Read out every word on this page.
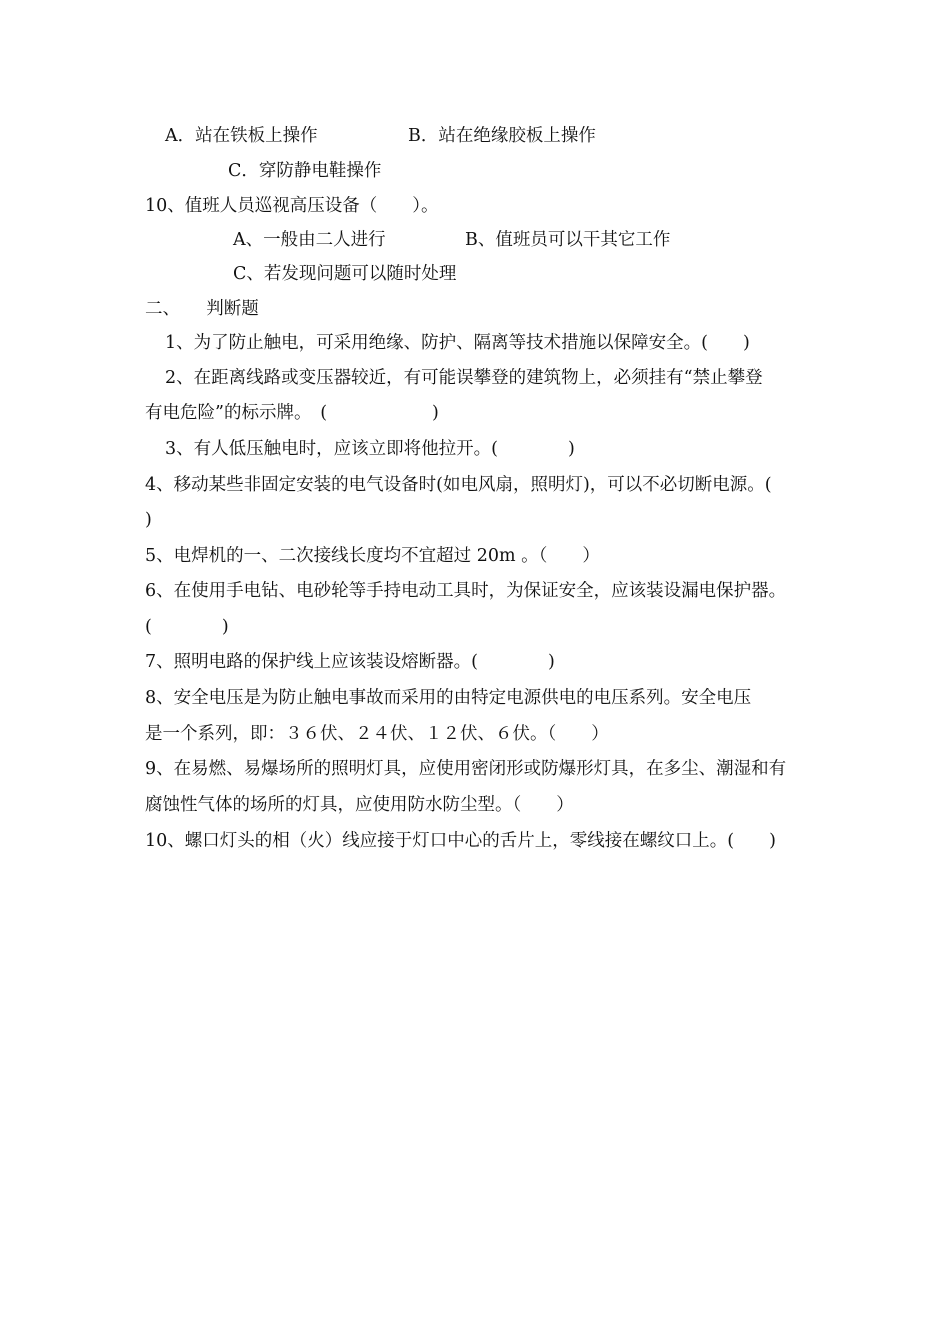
A．站在铁板上操作	B．站在绝缘胶板上操作
C．穿防静电鞋操作
10、值班人员巡视高压设备（　　）。
A、一般由二人进行	B、值班员可以干其它工作
C、若发现问题可以随时处理
二、　　判断题
1、为了防止触电，可采用绝缘、防护、隔离等技术措施以保障安全。(　　)
2、在距离线路或变压器较近，有可能误攀登的建筑物上，必须挂有“禁止攀登
有电危险”的标示牌。　(　　　　　　)
3、有人低压触电时，应该立即将他拉开。(　　　　)
4、移动某些非固定安装的电气设备时(如电风扇，照明灯)，可以不必切断电源。(
)
5、电焊机的一、二次接线长度均不宜超过 20m 。（　　）
6、在使用手电钻、电砂轮等手持电动工具时，为保证安全，应该装设漏电保护器。
(　　　　)
7、照明电路的保护线上应该装设熔断器。(　　　　)
8、安全电压是为防止触电事故而采用的由特定电源供电的电压系列。安全电压
是一个系列，即：３６伏、２４伏、１２伏、６伏。（　　）
9、在易燃、易爆场所的照明灯具，应使用密闭形或防爆形灯具，在多尘、潮湿和有
腐蚀性气体的场所的灯具，应使用防水防尘型。（　　）
10、螺口灯头的相（火）线应接于灯口中心的舌片上，零线接在螺纹口上。(　　)
